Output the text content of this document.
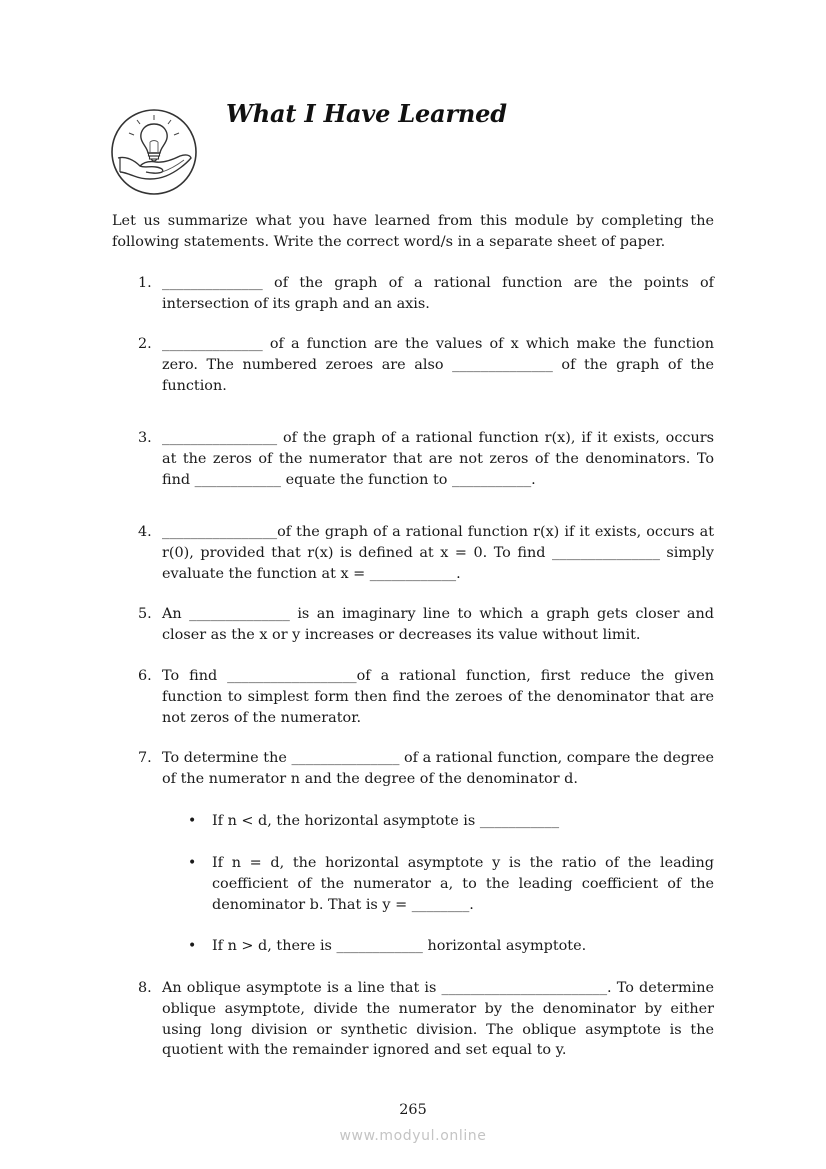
What I Have Learned
Let us summarize what you have learned from this module by completing the following statements. Write the correct word/s in a separate sheet of paper.
1. ______________ of the graph of a rational function are the points of intersection of its graph and an axis.
2. ______________ of a function are the values of x which make the function zero. The numbered zeroes are also ______________ of the graph of the function.
3. ________________ of the graph of a rational function r(x), if it exists, occurs at the zeros of the numerator that are not zeros of the denominators. To find ____________ equate the function to ___________.
4. ________________of the graph of a rational function r(x) if it exists, occurs at r(0), provided that r(x) is defined at x = 0. To find _______________ simply evaluate the function at x = ____________.
5. An ______________ is an imaginary line to which a graph gets closer and closer as the x or y increases or decreases its value without limit.
6. To find __________________of a rational function, first reduce the given function to simplest form then find the zeroes of the denominator that are not zeros of the numerator.
7. To determine the _______________ of a rational function, compare the degree of the numerator n and the degree of the denominator d.
• If n < d, the horizontal asymptote is ___________
• If n = d, the horizontal asymptote y is the ratio of the leading coefficient of the numerator a, to the leading coefficient of the denominator b. That is y = ________.
• If n > d, there is ____________ horizontal asymptote.
8. An oblique asymptote is a line that is _______________________. To determine oblique asymptote, divide the numerator by the denominator by either using long division or synthetic division. The oblique asymptote is the quotient with the remainder ignored and set equal to y.
265
www.modyul.online
